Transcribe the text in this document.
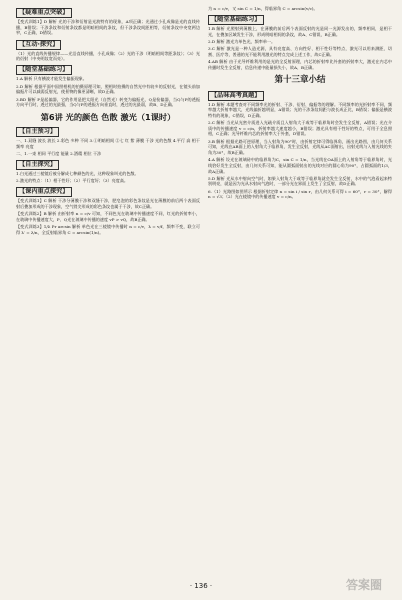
【疑难重点突破】

【变式训练1】D 解析 光的干涉和衍射是光波特有的现象，A项正确；光通过小孔成像是光的直线传播，B错误；干涉条纹和衍射条纹都是明暗相间的条纹，但干涉条纹间距相等，衍射条纹中央宽两边窄，C正确，D错误。

【互动·探究】

（1）光的直线传播规律——光沿直线传播，小孔成像；（2）光的干涉（明暗相间等距条纹）；（3）光的衍射（中央明纹宽而亮）。

【随堂基础练习】

1.A 解析 只有横波才能发生偏振现象。

2.D 解析 根据平面中国照相机的拍摄原理可知，照相时拍摄的自然光中有较多的反射光，在镜头前加偏振片可以减弱反射光，使景物的像更清晰，故D正确。

3.BD 解析 P是起偏器，它的作用是把太阳光（自然光）转变为偏振光，Q是检偏器，当Q与P的透振方向平行时，透过的光最强，当Q与P的透振方向垂直时，透过的光最弱，故B、D正确。

第6讲 光的颜色 色散 激光（1课时）
【自主预习】

一、1.双缝 波长 波长 2.彩色 多种 不同 3.①明暗相间 ②七 红 紫 薄膜 干涉 光的色散 4.平行 高 相干 频率 亮度

二、1.一束 相同 平行度 能量 2.酒精 相位 干涉

【自主探究】

1.白光通过三棱镜后被分解成七种颜色的光，这种现象叫光的色散。

2.激光的特点：（1）相干性好；（2）平行度好；（3）亮度高。

【课内重点探究】

【变式训练1】C 解析 干涉分薄膜干涉和双缝干涉，肥皂泡的彩色条纹是光在薄膜的前后两个表面反射后叠加形成的干涉现象，空气劈尖形成的彩色条纹也属于干涉，故C正确。

【变式训练2】B 解析 由折射率 n = c/v 可知，不同色光在玻璃中传播速度不同，红光的折射率小，在玻璃中传播速度大，P、Q光在玻璃中传播的速度 vP > vQ，故B正确。

【变式训练3】1/λ Pr arcsin 解析 单色光在三棱镜中传播时 n = c/v，λ = v/f，频率不变，联立可得 λ′ = λ/n，全反射临界角 C = arcsin(1/n)。

为 n = c/v，又 sin C = 1/n，得临界角 C = arcsin(v/c)。

【随堂基础练习】

1.B 解析 光照射到薄膜上，在薄膜的前后两个表面反射的光是同一光源发出的，频率相同，是相干光，在叠加区域发生干涉，形成明暗相间的条纹，故A、C错误，B正确。

2.D 解析 激光为单色光，频率单一。

3.C 解析 激光是一种人造光源，具有亮度高、方向性好、相干性好等特点，激光可以用来测距、切割、医疗等，普通的光不能利用激光的特点完成上述工作，故C正确。

4.AB 解析 由于光导纤维利用的是光的全反射原理，内芯的折射率比外套的折射率大，激光在内芯中传播时发生全反射，信息传递中能量损失小，故A、B正确。

第十三章小结
【品味高考真题】

1.D 解析 本题考查对不同频率光的折射、干涉、衍射、偏振等的理解。不同频率的光折射率不同，频率越大折射率越大，光线偏折越明显，A错误；光的干涉条纹间距与波长成正比，B错误；偏振是横波特有的现象，C错误，D正确。

2.C 解析 当光从光密介质进入光疏介质且入射角大于或等于临界角时会发生全反射，A错误；光在介质中的传播速度 v = c/n，折射率越大速度越小，B错误；激光具有相干性好的特点，可用于全息照相，C正确；光导纤维内芯的折射率大于外套，D错误。

3.B 解析 根据光路可逆原理，当入射角为90°时，由折射定律可得临界角，画出光路图，由几何关系可知，光线在AB面上的入射角大于临界角，发生全反射，光线从AC面射出，出射光线与入射光线的夹角为30°，故B正确。

4.A 解析 设光在玻璃砖中的临界角为C，sin C = 1/n，当光线在OA面上的入射角等于临界角时，光线恰好发生全反射，由几何关系可知，能从圆弧面射出的光线对应的圆心角为90°，占圆弧面的1/3，故A正确。

5.D 解析 光从水中射向空气时，如果入射角大于或等于临界角就会发生全反射，水中的气泡看起来特别明亮，就是因为光从水射向气泡时，一部分光在界面上发生了全反射，故D正确。

6.（1）光路图如图所示 根据折射定律 n = sin i / sin r，由几何关系可得 i = 60°，r = 30°，解得 n = √3；（2）光在棱镜中的传播速度 v = c/n。

· 136 ·	答案圈
